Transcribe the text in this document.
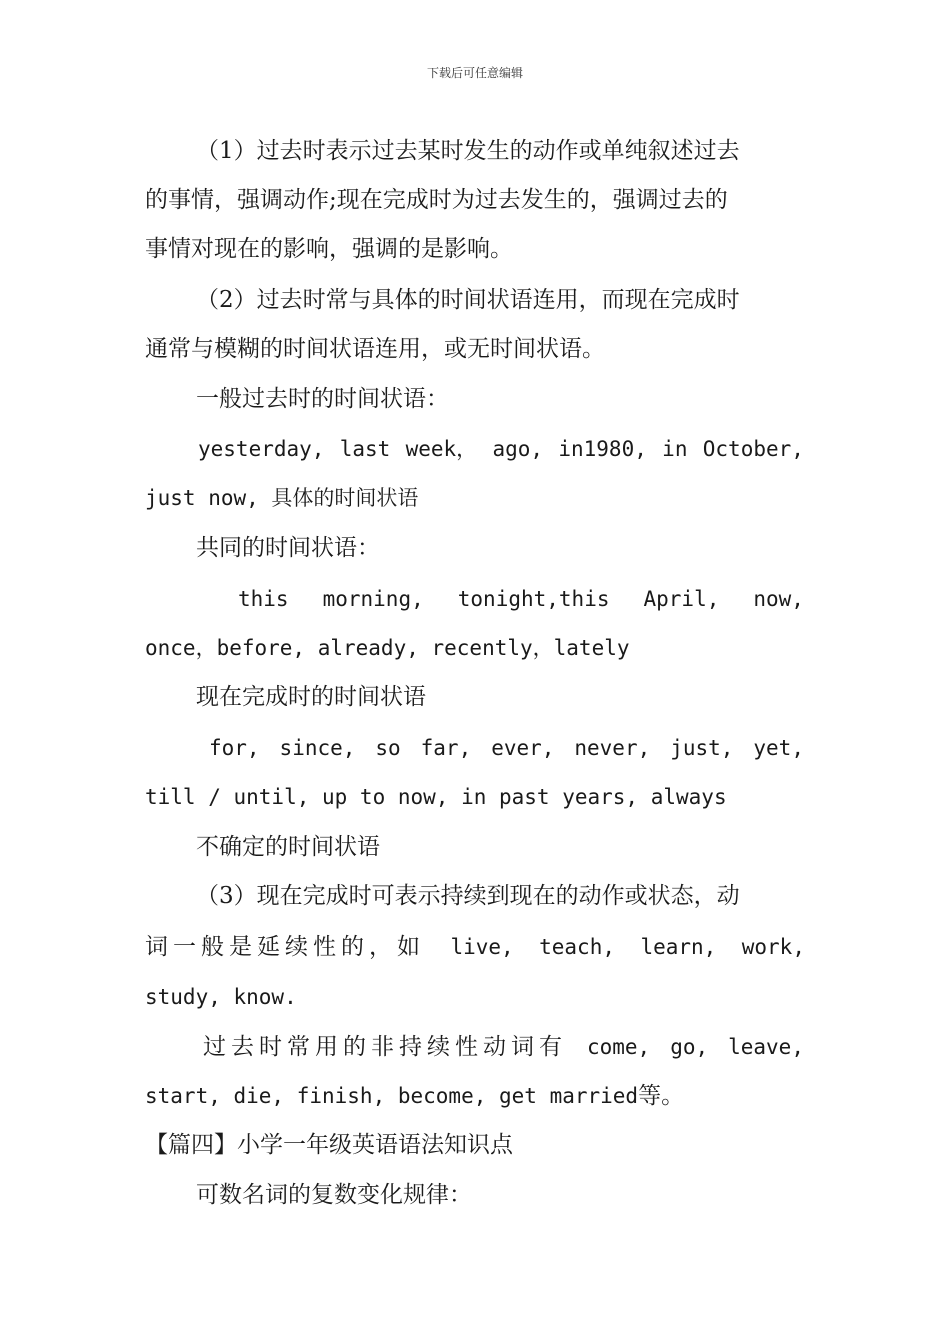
下载后可任意编辑
（1）过去时表示过去某时发生的动作或单纯叙述过去
的事情，强调动作;现在完成时为过去发生的，强调过去的
事情对现在的影响，强调的是影响。
（2）过去时常与具体的时间状语连用，而现在完成时
通常与模糊的时间状语连用，或无时间状语。
一般过去时的时间状语：
yesterday, last week， ago, in1980, in October,
just now, 具体的时间状语
共同的时间状语：
this morning, tonight,this April, now,
once，before, already, recently，lately
现在完成时的时间状语
for, since, so far, ever, never, just, yet,
till / until, up to now, in past years, always
不确定的时间状语
（3）现在完成时可表示持续到现在的动作或状态，动
词一般是延续性的，如 live, teach, learn, work,
study, know.
过去时常用的非持续性动词有 come, go, leave,
start, die, finish, become, get married等。
【篇四】小学一年级英语语法知识点
可数名词的复数变化规律：
